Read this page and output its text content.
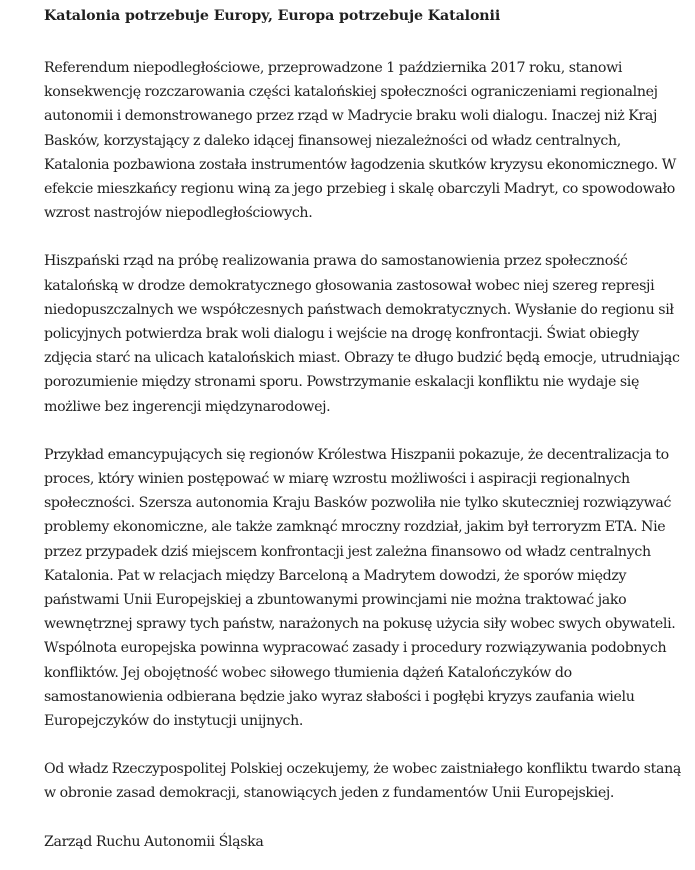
Katalonia potrzebuje Europy, Europa potrzebuje Katalonii

Referendum niepodległościowe, przeprowadzone 1 października 2017 roku, stanowi konsekwencję rozczarowania części katalońskiej społeczności ograniczeniami regionalnej autonomii i demonstrowanego przez rząd w Madrycie braku woli dialogu. Inaczej niż Kraj Basków, korzystający z daleko idącej finansowej niezależności od władz centralnych, Katalonia pozbawiona została instrumentów łagodzenia skutków kryzysu ekonomicznego. W efekcie mieszkańcy regionu winą za jego przebieg i skalę obarczyli Madryt, co spowodowało wzrost nastrojów niepodległościowych.

Hiszpański rząd na próbę realizowania prawa do samostanowienia przez społeczność katalońską w drodze demokratycznego głosowania zastosował wobec niej szereg represji niedopuszczalnych we współczesnych państwach demokratycznych. Wysłanie do regionu sił policyjnych potwierdza brak woli dialogu i wejście na drogę konfrontacji. Świat obiegły zdjęcia starć na ulicach katalońskich miast. Obrazy te długo budzić będą emocje, utrudniając porozumienie między stronami sporu. Powstrzymanie eskalacji konfliktu nie wydaje się możliwe bez ingerencji międzynarodowej.

Przykład emancypujących się regionów Królestwa Hiszpanii pokazuje, że decentralizacja to proces, który winien postępować w miarę wzrostu możliwości i aspiracji regionalnych społeczności. Szersza autonomia Kraju Basków pozwoliła nie tylko skuteczniej rozwiązywać problemy ekonomiczne, ale także zamknąć mroczny rozdział, jakim był terroryzm ETA. Nie przez przypadek dziś miejscem konfrontacji jest zależna finansowo od władz centralnych Katalonia. Pat w relacjach między Barceloną a Madrytem dowodzi, że sporów między państwami Unii Europejskiej a zbuntowanymi prowincjami nie można traktować jako wewnętrznej sprawy tych państw, narażonych na pokusę użycia siły wobec swych obywateli. Wspólnota europejska powinna wypracować zasady i procedury rozwiązywania podobnych konfliktów. Jej obojętność wobec siłowego tłumienia dążeń Katalończyków do samostanowienia odbierana będzie jako wyraz słabości i pogłębi kryzys zaufania wielu Europejczyków do instytucji unijnych.

Od władz Rzeczypospolitej Polskiej oczekujemy, że wobec zaistniałego konfliktu twardo staną w obronie zasad demokracji, stanowiących jeden z fundamentów Unii Europejskiej.

Zarząd Ruchu Autonomii Śląska
